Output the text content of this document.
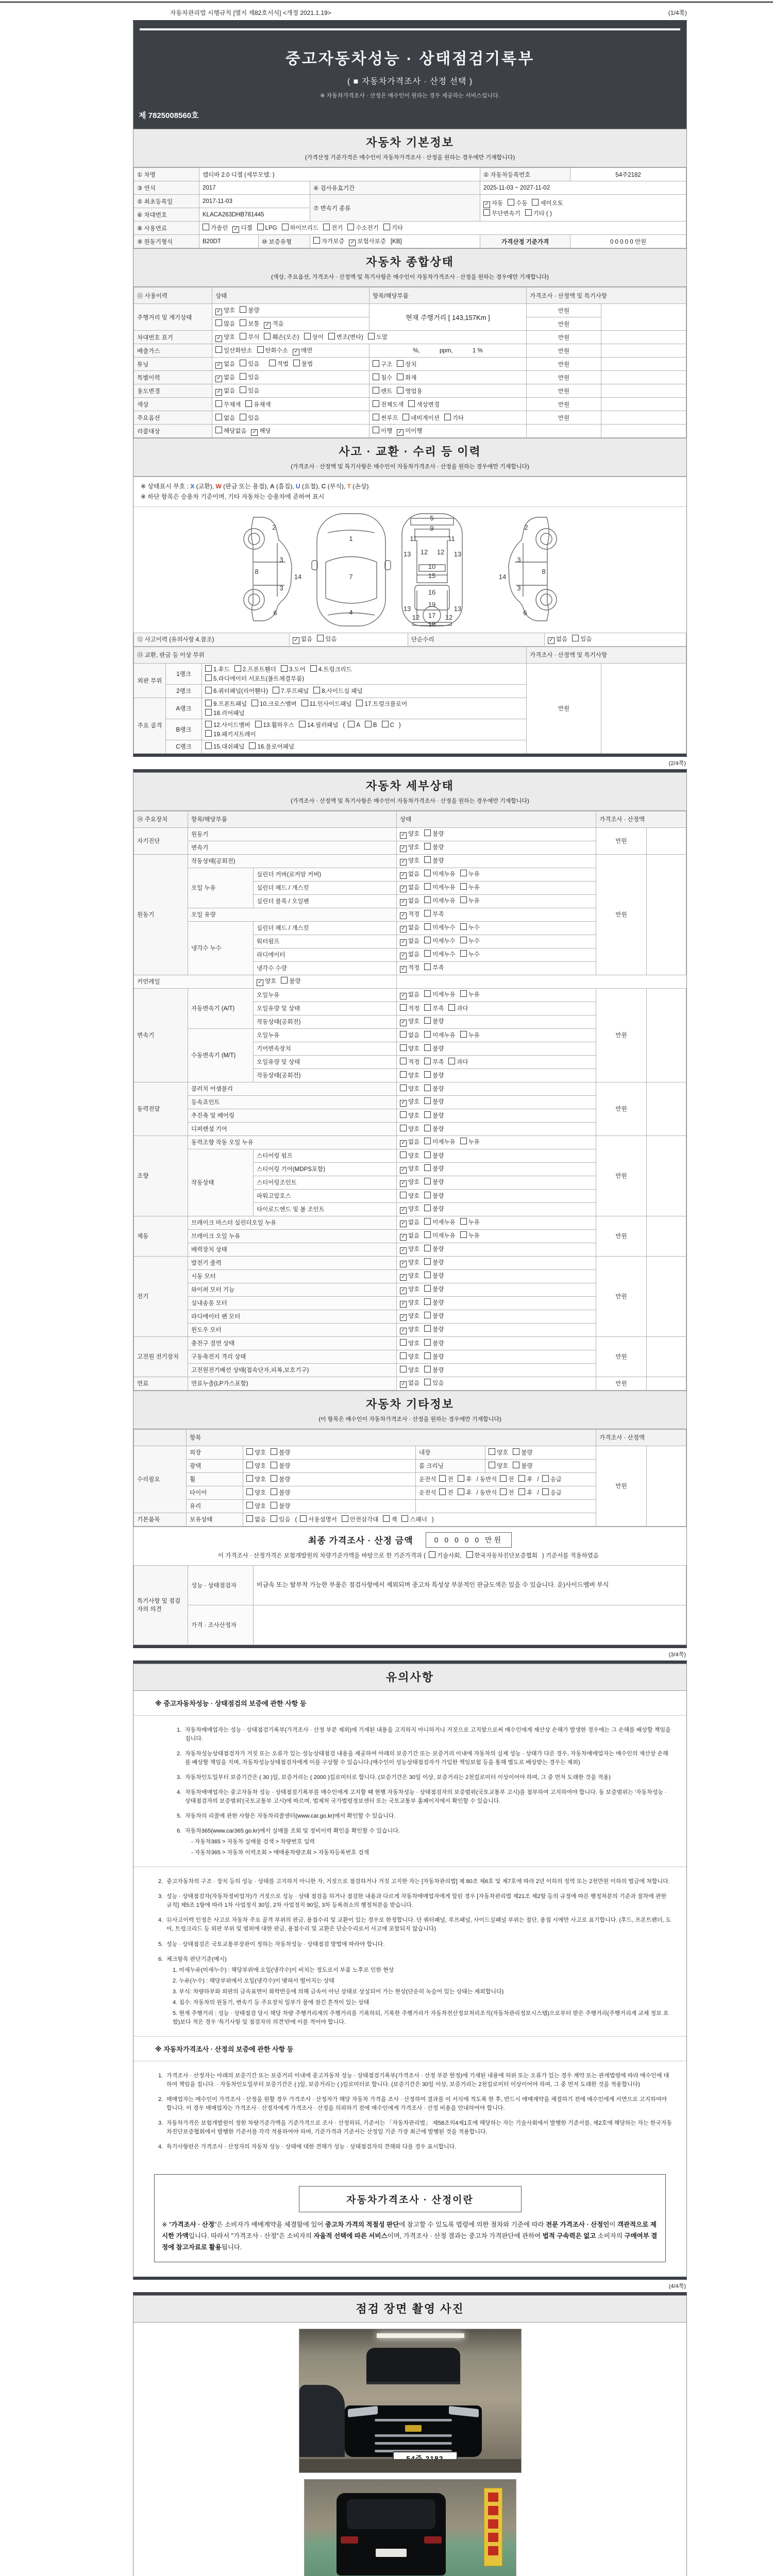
자동차관리법 시행규칙 [별지 제82호서식] <개정 2021.1.19>	(1/4쪽)
중고자동차성능 · 상태점검기록부
( ■ 자동차가격조사 · 산정 선택 )
※ 자동차가격조사 · 산정은 매수인이 원하는 경우 제공하는 서비스입니다.
제 7825008560호
자동차 기본정보
(가격산정 기준가격은 매수인이 자동차가격조사 · 산정을 원하는 경우에만 기재합니다)
① 차명	캡티바 2.0 디젤 (세부모델: )			② 자동차등록번호	54주2182
③ 연식	2017		④ 검사유효기간	2025-11-03 ~ 2027-11-02	
⑤ 최초등록일	2017-11-03		⑦ 변속기 종류	✓ 자동 수동 세미오토
무단변속기 기타 ( )	
⑥ 차대번호	KLACA263DHB781445				
⑧ 사용연료	가솔린 ✓ 디젤 LPG 하이브리드 전기 수소전기 기타				
⑨ 원동기형식	B20DT	⑩ 보증유형	자가보증 ✓ 보험사보증 [KB]	가격산정 기준가격	0 0 0 0 0 만원
자동차 종합상태
(색상, 주요옵션, 가격조사 · 산정액 및 특기사항은 매수인이 자동차가격조사 · 산정을 원하는 경우에만 기재합니다)
⑪ 사용이력	상태	항목/해당부품	가격조사 · 산정액 및 특기사항	
주행거리 및 계기상태	✓ 양호 불량	현재 주행거리 [ 143,157Km ]	만원	
	많음 보통 ✓ 적음		만원	
차대번호 표기	✓ 양호 부식 훼손(오손) 상이 변조(변타) 도말		만원	
배출가스	일산화탄소 탄화수소 ✓ 매연	%,            ppm,            1 %	만원	
튜닝	✓ 없음 있음 적법 불법	구조 장치	만원	
특별이력	✓ 없음 있음	침수 화재	만원	
용도변경	✓ 없음 있음	렌트 영업용	만원	
색상	무채색 유채색	전체도색 색상변경	만원	
주요옵션	없음 있음	썬루프 네비게이션 기타	만원	
리콜대상	해당없음 ✓ 해당	이행 ✓ 미이행		
사고 · 교환 · 수리 등 이력
(가격조사 · 산정액 및 특기사항은 매수인이 자동차가격조사 · 산정을 원하는 경우에만 기재합니다)
※ 상태표시 부호 : X (교환), W (판금 또는 용접), A (흠집), U (요철), C (부식), T (손상)
※ 하단 항목은 승용차 기준이며, 기타 자동차는 승용차에 준하여 표시
2
8
3
3
14
6
1
7
4
5
9
11	11
13	13
12 12
10
15
16
19
13	13
12	12
17
18
2
8
3
3
14
6
⑫ 사고이력 (유의사항 4.참조)	✓ 없음 있음	단순수리	✓ 없음 있음
⑬ 교환, 판금 등 이상 부위			가격조사 · 산정액 및 특기사항	
외판 부위	1랭크	1.후드 2.프론트휀더 3.도어 4.트렁크리드
5.라디에이터 서포트(볼트체결부품)	만원	
	2랭크	6.쿼터패널(리어휀다) 7.루프패널 8.사이드실 패널		
주요 골격	A랭크	9.프론트패널 10.크로스멤버 11.인사이드패널 17.트렁크플로어
18.리어패널		
	B랭크	12.사이드멤버 13.휠하우스 14.필러패널 ( A B C )
19.패키지트레이		
	C랭크	15.대쉬패널 16.플로어패널		
(2/4쪽)
자동차 세부상태
(가격조사 · 산정액 및 특기사항은 매수인이 자동차가격조사 · 산정을 원하는 경우에만 기재합니다)
⑭ 주요장치	항목/해당부품		상태	가격조사 · 산정액	
자기진단	원동기		✓ 양호 불량	만원	
	변속기		✓ 양호 불량		
원동기	작동상태(공회전)		✓ 양호 불량	만원	
	오일 누유	실린더 커버(로커암 커버)	✓ 없음 미세누유 누유		
		실린더 헤드 / 개스킷	✓ 없음 미세누유 누유		
		실린더 블록 / 오일팬	✓ 없음 미세누유 누유		
	오일 유량		✓ 적정 부족		
	냉각수 누수	실린더 헤드 / 개스킷	✓ 없음 미세누수 누수		
		워터펌프	✓ 없음 미세누수 누수		
		라디에이터	✓ 없음 미세누수 누수		
		냉각수 수량	✓ 적정 부족		
커먼레일		✓ 양호 불량			
변속기	자동변속기 (A/T)	오일누유	✓ 없음 미세누유 누유	만원	
		오일유량 및 상태	적정 부족 과다		
		작동상태(공회전)	✓ 양호 불량		
	수동변속기 (M/T)	오일누유	없음 미세누유 누유		
		기어변속장치	양호 불량		
		오일유량 및 상태	적정 부족 과다		
		작동상태(공회전)	양호 불량		
동력전달	클러치 어셈블리		양호 불량	만원	
	등속죠인트		✓ 양호 불량		
	추진축 및 베어링		양호 불량		
	디퍼렌셜 기어		양호 불량		
조향	동력조향 작동 오일 누유		✓ 없음 미세누유 누유	만원	
	작동상태	스티어링 펌프	양호 불량		
		스티어링 기어(MDPS포함)	✓ 양호 불량		
		스티어링조인트	✓ 양호 불량		
		파워고압호스	양호 불량		
		타이로드엔드 및 볼 조인트	✓ 양호 불량		
제동	브레이크 마스터 실린더오일 누유		✓ 없음 미세누유 누유	만원	
	브레이크 오일 누유		✓ 없음 미세누유 누유		
	배력장치 상태		✓ 양호 불량		
전기	발전기 출력		✓ 양호 불량	만원	
	시동 모터		✓ 양호 불량		
	와이퍼 모터 기능		✓ 양호 불량		
	실내송풍 모터		✓ 양호 불량		
	라디에이터 팬 모터		✓ 양호 불량		
	윈도우 모터		✓ 양호 불량		
고전원 전기장치	충전구 절연 상태		양호 불량	만원	
	구동축전지 격리 상태		양호 불량		
	고전원전기배선 상태(접속단자,피복,보호기구)		양호 불량		
연료	연료누출(LP가스포함)		✓ 없음 있음	만원	
자동차 기타정보
(이 항목은 매수인이 자동차가격조사 · 산정을 원하는 경우에만 기재합니다)
	항목				가격조사 · 산정액	
수리필요	외장	양호 불량	내장	양호 불량	만원	
	광택	양호 불량	룸 크리닝	양호 불량		
	휠	양호 불량	운전석 전 후 / 동반석 전 후 / 응급			
	타이어	양호 불량	운전석 전 후 / 동반석 전 후 / 응급			
	유리	양호 불량				
기본품목	보유상태	없음 있음 ( 사용설명서 안전삼각대 잭 스패너 )				
최종 가격조사 · 산정 금액	0 0 0 0 0 만원
이 가격조사 · 산정가격은 보험개발원의 차량기준가액을 바탕으로 한 기준가격과 ( 기술사회, 한국자동차진단보증협회 ) 기준서를 적용하였음
특기사항 및 점검자의 의견	성능 · 상태점검자	비금속 또는 탈부착 가능한 부품은 점검사항에서 제외되며 중고차 특성상 부분적인 판금도색은 있을 수 있습니다. 운)사이드멤버 부식
	가격 · 조사산정자	
(3/4쪽)
유의사항
※ 중고자동차성능 · 상태점검의 보증에 관한 사항 등
1. 자동차매매업자는 성능 · 상태점검기록부(가격조사 · 산정 부분 제외)에 기재된 내용을 고지하지 아니하거나 거짓으로 고지함으로써 매수인에게 재산상 손해가 발생한 경우에는 그 손해를 배상할 책임을 집니다.
2. 자동차성능상태점검자가 거짓 또는 오류가 있는 성능상태점검 내용을 제공하여 아래의 보증기간 또는 보증거리 이내에 자동차의 실제 성능 · 상태가 다른 경우, 자동차매매업자는 매수인의 재산상 손해를 배상할 책임을 지며, 자동차성능상태점검자에게 이를 구상할 수 있습니다.(매수인이 성능상태점검자가 가입한 책임보험 등을 통해 별도로 배상받는 경우는 제외)
3. 자동차인도일부터 보증기간은 ( 30 )일, 보증거리는 ( 2000 )킬로미터로 합니다. (보증기간은 30일 이상, 보증거리는 2천킬로미터 이상이어야 하며, 그 중 먼저 도래한 것을 적용)
4. 자동차매매업자는 중고자동차 성능 · 상태점검기록부를 매수인에게 고지할 때 현행 자동차성능 · 상태점검자의 보증범위(국토교통부 고시)를 첨부하여 고지하여야 합니다. 동 보증범위는 '자동차성능 · 상태점검자의 보증범위'(국토교통부 고시)에 따르며, 법제처 국가법령정보센터 또는 국토교통부 홈페이지에서 확인할 수 있습니다.
5. 자동차의 리콜에 관한 사항은 자동차리콜센터(www.car.go.kr)에서 확인할 수 있습니다.
6. 자동차365(www.car365.go.kr)에서 실매물 조회 및 정비이력 확인을 확인할 수 있습니다.
- 자동차365 > 자동차 실매물 검색 > 차량번호 입력
- 자동차365 > 자동차 이력조회 > 매매용차량조회 > 자동차등록번호 검색
2. 중고자동차의 구조 · 장치 등의 성능 · 상태를 고지하지 아니한 자, 거짓으로 점검하거나 거짓 고지한 자는 [자동차관리법] 제 80조 제6호 및 제7호에 따라 2년 이하의 징역 또는 2천만원 이하의 벌금에 처합니다.
3. 성능 · 상태점검자(자동차정비업자)가 거짓으로 성능 · 상태 점검을 하거나 점검한 내용과 다르게 자동차매매업자에게 알린 경우 [자동차관리법 제21조 제2항 등의 규정에 따른 행정처분의 기준과 절차에 관한 규칙] 제5조 1항에 따라 1차 사업정지 30일, 2차 사업정지 90일, 3차 등록취소의 행정처분을 받습니다.
4. ⑫사고이력 인정은 사고로 자동차 주요 골격 부위의 판금, 용접수리 및 교환이 있는 경우로 한정합니다. 단 쿼터패널, 루프패널, 사이드실패널 부위는 절단, 용접 시에만 사고로 표기합니다. (후드, 프론트펜더, 도어, 트렁크리드 등 외판 부위 및 범퍼에 대한 판금, 용접수리 및 교환은 단순수리로서 사고에 포함되지 않습니다)
5. 성능 · 상태점검은 국토교통부장관이 정하는 자동차성능 · 상태점검 방법에 따라야 합니다.
6. 체크항목 판단기준(예시)
1. 미세누유(미세누수) : 해당부위에 오일(냉각수)이 비치는 정도로서 부품 노후로 인한 현상
2. 누유(누수) : 해당부위에서 오일(냉각수)이 맺혀서 떨어지는 상태
3. 부식: 차량하부와 외판의 금속표면이 화학반응에 의해 금속이 아닌 상태로 상실되어 가는 현상(단순히 녹슬어 있는 상태는 제외합니다)
4. 침수: 자동차의 원동기, 변속기 등 주요장치 일부가 물에 잠긴 흔적이 있는 상태
5. 현재 주행거리 : 성능 · 상태점검 당시 해당 차량 주행거리계의 주행거리를 기록하되, 기록한 주행거리가 자동차전산정보처리조직(자동차관리정보시스템)으로부터 받은 주행거리(주행거리계 교체 정보 포함)보다 적은 경우 '특기사항 및 점검자의 의견'란에 이를 적어야 합니다.
※ 자동차가격조사 · 산정의 보증에 관한 사항 등
1. 가격조사 · 산정자는 아래의 보증기간 또는 보증거리 이내에 중고자동차 성능 · 상태점검기록부(가격조사 · 산정 부분 한정)에 기재된 내용에 허위 또는 오류가 있는 경우 계약 또는 관계법령에 따라 매수인에 대하여 책임을 집니다. · 자동차인도일부터 보증기간은 ( )일, 보증거리는 ( )킬로미터로 합니다. (보증기간은 30일 이상, 보증거리는 2천킬로미터 이상이어야 하며, 그 중 먼저 도래한 것을 적용합니다)
2. 매매업자는 매수인이 가격조사 · 산정을 원할 경우 가격조사 · 산정자가 해당 자동차 가격을 조사 · 산정하여 결과를 이 서식에 적도록 한 후, 반드시 매매계약을 체결하기 전에 매수인에게 서면으로 고지하여야 합니다. 이 경우 매매업자는 가격조사 · 산정자에게 가격조사 · 산정을 의뢰하기 전에 매수인에게 가격조사 · 산정 비용을 안내하여야 합니다.
3. 자동차가격은 보험개발원이 정한 차량기준가액을 기준가격으로 조사 · 산정하되, 기준서는 「자동차관리법」 제58조의4제1호에 해당하는 자는 기술사회에서 발행한 기준서를, 제2호에 해당하는 자는 한국자동차진단보증협회에서 발행한 기준서를 각각 적용하여야 하며, 기준가격과 기준서는 산정일 기준 가장 최근에 발행된 것을 적용합니다.
4. 특기사항란은 가격조사 · 산정자의 자동차 성능 · 상태에 대한 견해가 성능 · 상태점검자의 견해와 다를 경우 표시합니다.
자동차가격조사 · 산정이란
※ "가격조사 · 산정"은 소비자가 매매계약을 체결함에 있어 중고차 가격의 적절성 판단에 참고할 수 있도록 법령에 의한 절차와 기준에 따라 전문 가격조사 · 산정인이 객관적으로 제시한 가액입니다. 따라서 "가격조사 · 산정"은 소비자의 자율적 선택에 따른 서비스이며, 가격조사 · 산정 결과는 중고차 가격판단에 관하여 법적 구속력은 없고 소비자의 구매여부 결정에 참고자료로 활용됩니다.
(4/4쪽)
점검 장면 촬영 사진
